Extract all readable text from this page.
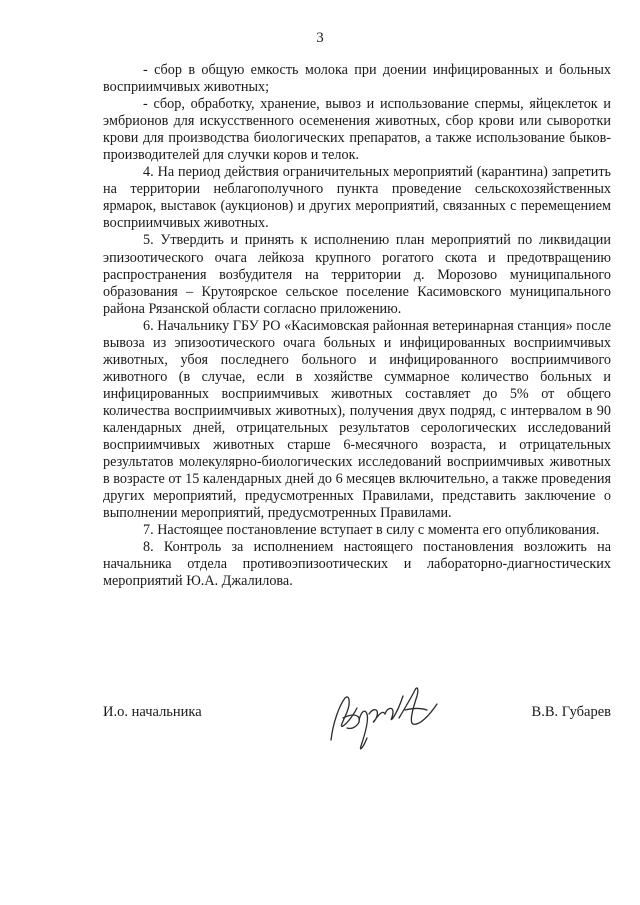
3

- сбор в общую емкость молока при доении инфицированных и больных восприимчивых животных;

- сбор, обработку, хранение, вывоз и использование спермы, яйцеклеток и эмбрионов для искусственного осеменения животных, сбор крови или сыворотки крови для производства биологических препаратов, а также использование быков-производителей для случки коров и телок.

4. На период действия ограничительных мероприятий (карантина) запретить на территории неблагополучного пункта проведение сельскохозяйственных ярмарок, выставок (аукционов) и других мероприятий, связанных с перемещением восприимчивых животных.

5. Утвердить и принять к исполнению план мероприятий по ликвидации эпизоотического очага лейкоза крупного рогатого скота и предотвращению распространения возбудителя на территории д. Морозово муниципального образования – Крутоярское сельское поселение Касимовского муниципального района Рязанской области согласно приложению.

6. Начальнику ГБУ РО «Касимовская районная ветеринарная станция» после вывоза из эпизоотического очага больных и инфицированных восприимчивых животных, убоя последнего больного и инфицированного восприимчивого животного (в случае, если в хозяйстве суммарное количество больных и инфицированных восприимчивых животных составляет до 5% от общего количества восприимчивых животных), получения двух подряд, с интервалом в 90 календарных дней, отрицательных результатов серологических исследований восприимчивых животных старше 6-месячного возраста, и отрицательных результатов молекулярно-биологических исследований восприимчивых животных в возрасте от 15 календарных дней до 6 месяцев включительно, а также проведения других мероприятий, предусмотренных Правилами, представить заключение о выполнении мероприятий, предусмотренных Правилами.

7. Настоящее постановление вступает в силу с момента его опубликования.

8. Контроль за исполнением настоящего постановления возложить на начальника отдела противоэпизоотических и лабораторно-диагностических мероприятий Ю.А. Джалилова.

И.о. начальника	В.В. Губарев
